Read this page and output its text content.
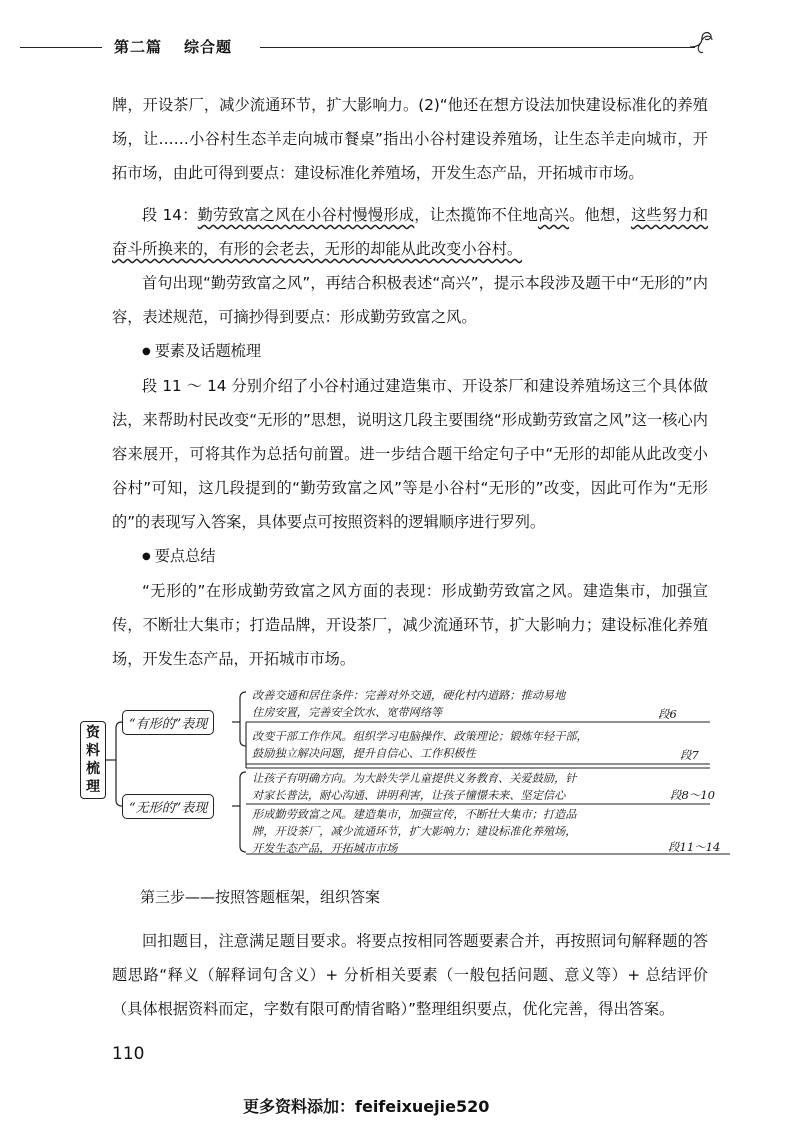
第二篇 综合题

牌，开设茶厂，减少流通环节，扩大影响力。(2)“他还在想方设法加快建设标准化的养殖场，让……小谷村生态羊走向城市餐桌”指出小谷村建设养殖场，让生态羊走向城市，开拓市场，由此可得到要点：建设标准化养殖场，开发生态产品，开拓城市市场。

段 14：勤劳致富之风在小谷村慢慢形成，让杰揽饰不住地高兴。他想，这些努力和奋斗所换来的，有形的会老去，无形的却能从此改变小谷村。

首句出现“勤劳致富之风”，再结合积极表述“高兴”，提示本段涉及题干中“无形的”内容，表述规范，可摘抄得到要点：形成勤劳致富之风。

● 要素及话题梳理

段 11 ～ 14 分别介绍了小谷村通过建造集市、开设茶厂和建设养殖场这三个具体做法，来帮助村民改变“无形的”思想，说明这几段主要围绕“形成勤劳致富之风”这一核心内容来展开，可将其作为总括句前置。进一步结合题干给定句子中“无形的却能从此改变小谷村”可知，这几段提到的“勤劳致富之风”等是小谷村“无形的”改变，因此可作为“无形的”的表现写入答案，具体要点可按照资料的逻辑顺序进行罗列。

● 要点总结

“无形的”在形成勤劳致富之风方面的表现：形成勤劳致富之风。建造集市，加强宣传，不断壮大集市；打造品牌，开设茶厂，减少流通环节，扩大影响力；建设标准化养殖场，开发生态产品，开拓城市市场。

资
料
梳
理
“有形的”表现
“无形的”表现
改善交通和居住条件：完善对外交通，硬化村内道路；推动易地
住房安置，完善安全饮水、宽带网络等	段6
改变干部工作作风。组织学习电脑操作、政策理论；锻炼年轻干部，
鼓励独立解决问题，提升自信心、工作积极性	段7
让孩子有明确方向。为大龄失学儿童提供义务教育、关爱鼓励，针
对家长普法，耐心沟通、讲明利害，让孩子憧憬未来、坚定信心	段8～10
形成勤劳致富之风。建造集市，加强宣传，不断壮大集市；打造品
牌，开设茶厂，减少流通环节，扩大影响力；建设标准化养殖场，
开发生态产品，开拓城市市场	段11～14
第三步——按照答题框架，组织答案

回扣题目，注意满足题目要求。将要点按相同答题要素合并，再按照词句解释题的答题思路“释义（解释词句含义）+ 分析相关要素（一般包括问题、意义等）+ 总结评价（具体根据资料而定，字数有限可酌情省略）”整理组织要点，优化完善，得出答案。

110
更多资料添加：feifeixuejie520
